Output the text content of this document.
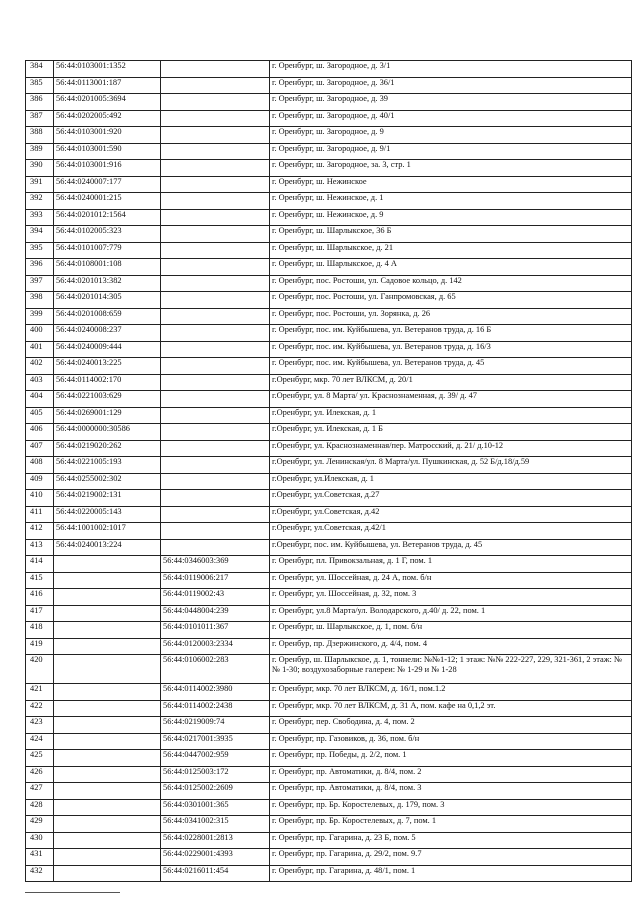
384	56:44:0103001:1352		г. Оренбург, ш. Загородное, д. 3/1
385	56:44:0113001:187		г. Оренбург, ш. Загородное, д. 36/1
386	56:44:0201005:3694		г. Оренбург, ш. Загородное, д. 39
387	56:44:0202005:492		г. Оренбург, ш. Загородное, д. 40/1
388	56:44:0103001:920		г. Оренбург, ш. Загородное, д. 9
389	56:44:0103001:590		г. Оренбург, ш. Загородное, д. 9/1
390	56:44:0103001:916		г. Оренбург, ш. Загородное, за. 3, стр. 1
391	56:44:0240007:177		г. Оренбург, ш. Нежинское
392	56:44:0240001:215		г. Оренбург, ш. Нежинское, д. 1
393	56:44:0201012:1564		г. Оренбург, ш. Нежинское, д. 9
394	56:44:0102005:323		г. Оренбург, ш. Шарлыкское, 36 Б
395	56:44:0101007:779		г. Оренбург, ш. Шарлыкское, д. 21
396	56:44:0108001:108		г. Оренбург, ш. Шарлыкское, д. 4 А
397	56:44:0201013:382		г. Оренбург, пос. Ростоши, ул. Садовое кольцо, д. 142
398	56:44:0201014:305		г. Оренбург, пос. Ростоши, ул. Ганпромовская, д. 65
399	56:44:0201008:659		г. Оренбург, пос. Ростоши, ул. Зорянка, д. 26
400	56:44:0240008:237		г. Оренбург, пос. им. Куйбышева, ул. Ветеранов труда, д. 16 Б
401	56:44:0240009:444		г. Оренбург, пос. им. Куйбышева, ул. Ветеранов труда, д. 16/3
402	56:44:0240013:225		г. Оренбург, пос. им. Куйбышева, ул. Ветеранов труда, д. 45
403	56:44:0114002:170		г.Оренбург, мкр. 70 лет ВЛКСМ, д. 20/1
404	56:44:0221003:629		г.Оренбург, ул. 8 Марта/ ул. Краснознаменная, д. 39/ д. 47
405	56:44:0269001:129		г.Оренбург, ул. Илекская, д. 1
406	56:44:0000000:30586		г.Оренбург, ул. Илекская, д. 1 Б
407	56:44:0219020:262		г.Оренбург, ул. Краснознаменная/пер. Матросский, д. 21/ д.10-12
408	56:44:0221005:193		г.Оренбург, ул. Ленинская/ул. 8 Марта/ул. Пушкинская, д. 52 Б/д.18/д.59
409	56:44:0255002:302		г.Оренбург, ул.Илекская, д. 1
410	56:44:0219002:131		г.Оренбург, ул.Советская, д.27
411	56:44:0220005:143		г.Оренбург, ул.Советская, д.42
412	56:44:1001002:1017		г.Оренбург, ул.Советская, д.42/1
413	56:44:0240013:224		г.Оренбург, пос. им. Куйбышева, ул. Ветеранов труда, д. 45
414		56:44:0346003:369	г. Оренбург, пл. Привокзальная, д. 1 Г, пом. 1
415		56:44:0119006:217	г. Оренбург, ул. Шоссейная, д. 24 А, пом. б/н
416		56:44:0119002:43	г. Оренбург, ул. Шоссейная, д. 32, пом. 3
417		56:44:0448004:239	г. Оренбург, ул.8 Марта/ул. Володарского, д.40/ д. 22, пом. 1
418		56:44:0101011:367	г. Оренбург, ш. Шарлыкское, д. 1, пом. б/н
419		56:44:0120003:2334	г. Оренбур, пр. Дзержинского, д. 4/4, пом. 4
420		56:44:0106002:283	г. Оренбур, ш. Шарлыкское, д. 1, тоннели: №№1-12; 1 этаж: №№ 222-227, 229, 321-361, 2 этаж: №№ 1-30; воздухозаборные галереи: № 1-29 и № 1-28
421		56:44:0114002:3980	г. Оренбург, мкр. 70 лет ВЛКСМ, д. 16/1, пом.1.2
422		56:44:0114002:2438	г. Оренбург, мкр. 70 лет ВЛКСМ, д. 31 А, пом. кафе на 0,1,2 эт.
423		56:44:0219009:74	г. Оренбург, пер. Свободина, д. 4, пом. 2
424		56:44:0217001:3935	г. Оренбург, пр. Газовиков, д. 36, пом. б/н
425		56:44:0447002:959	г. Оренбург, пр. Победы, д. 2/2, пом. 1
426		56:44:0125003:172	г. Оренбург, пр. Автоматики, д. 8/4, пом. 2
427		56:44:0125002:2609	г. Оренбург, пр. Автоматики, д. 8/4, пом. 3
428		56:44:0301001:365	г. Оренбург, пр. Бр. Коростелевых, д. 179, пом. 3
429		56:44:0341002:315	г. Оренбург, пр. Бр. Коростелевых, д. 7, пом. 1
430		56:44:0228001:2813	г. Оренбург, пр. Гагарина, д. 23 Б, пом. 5
431		56:44:0229001:4393	г. Оренбург, пр. Гагарина, д. 29/2, пом. 9.7
432		56:44:0216011:454	г. Оренбург, пр. Гагарина, д. 48/1, пом. 1
